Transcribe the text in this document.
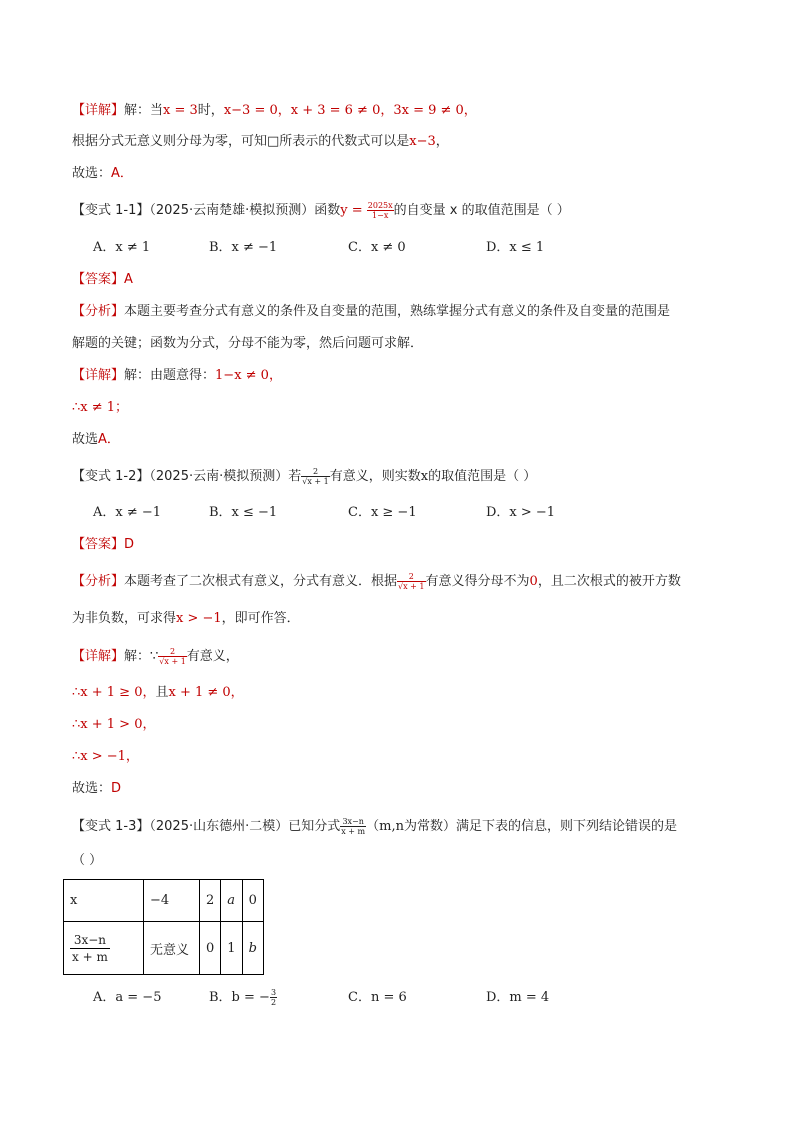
【详解】解：当x = 3时，x−3 = 0，x + 3 = 6 ≠ 0，3x = 9 ≠ 0，
根据分式无意义则分母为零，可知□所表示的代数式可以是x−3，
故选：A．
【变式 1-1】（2025·云南楚雄·模拟预测）函数$y = \frac{2025x}{1-x}$ 的自变量 x 的取值范围是（ ）
A．x ≠ 1	B．x ≠ −1	C．x ≠ 0	D．x ≤ 1
【答案】A
【分析】本题主要考查分式有意义的条件及自变量的范围，熟练掌握分式有意义的条件及自变量的范围是
解题的关键；函数为分式，分母不能为零，然后问题可求解．
【详解】解：由题意得：1−x ≠ 0，
∴x ≠ 1；
故选A．
【变式 1-2】（2025·云南·模拟预测）若 $\frac{2}{√x + 1}$ 有意义，则实数x的取值范围是（ ）
A．x ≠ −1	B．x ≤ −1	C．x ≥ −1	D．x > −1
【答案】D
【分析】本题考查了二次根式有意义，分式有意义．根据 $\frac{2}{√x + 1}$ 有意义得分母不为0，且二次根式的被开方数
为非负数，可求得x > −1，即可作答．
【详解】解：∵ $\frac{2}{√x + 1}$ 有意义，
∴x + 1 ≥ 0，且x + 1 ≠ 0，
∴x + 1 > 0，
∴x > −1，
故选：D
【变式 1-3】（2025·山东德州·二模）已知分式 $\frac{3x-n}{x + m} (m,n$为常数）满足下表的信息，则下列结论错误的是
（ ）
x	−4	2	a	0

$\frac{3x-n}{x + m}$	无意义	0	1	b
A．a = −5	B．b = − $\frac{3}{2}$	C．n = 6	D．m = 4
